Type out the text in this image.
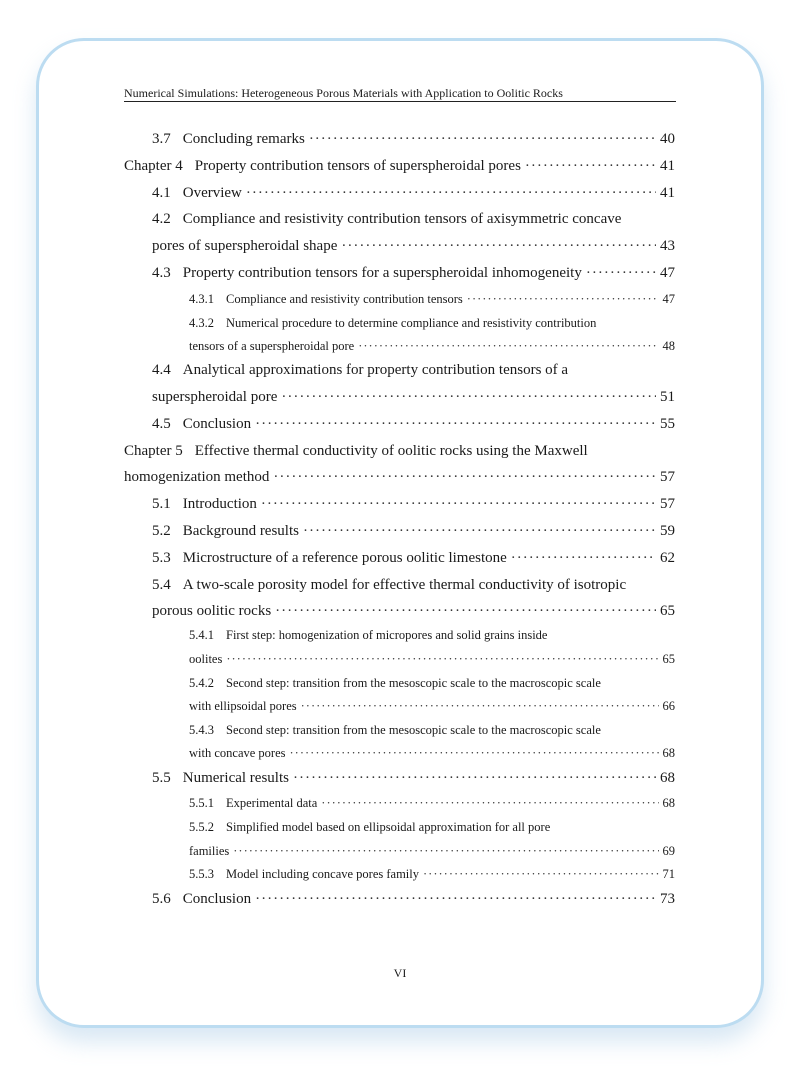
Numerical Simulations: Heterogeneous Porous Materials with Application to Oolitic Rocks
3.7 Concluding remarks ·····	40
Chapter 4 Property contribution tensors of superspheroidal pores ·····	41
4.1 Overview ·····	41
4.2 Compliance and resistivity contribution tensors of axisymmetric concave
pores of superspheroidal shape ·····	43
4.3 Property contribution tensors for a superspheroidal inhomogeneity ·····	47
4.3.1 Compliance and resistivity contribution tensors ·····	47
4.3.2 Numerical procedure to determine compliance and resistivity contribution
tensors of a superspheroidal pore ·····	48
4.4 Analytical approximations for property contribution tensors of a
superspheroidal pore ·····	51
4.5 Conclusion ·····	55
Chapter 5 Effective thermal conductivity of oolitic rocks using the Maxwell
homogenization method ·····	57
5.1 Introduction ·····	57
5.2 Background results ·····	59
5.3 Microstructure of a reference porous oolitic limestone ·····	62
5.4 A two-scale porosity model for effective thermal conductivity of isotropic
porous oolitic rocks ·····	65
5.4.1 First step: homogenization of micropores and solid grains inside
oolites ·····	65
5.4.2 Second step: transition from the mesoscopic scale to the macroscopic scale
with ellipsoidal pores ·····	66
5.4.3 Second step: transition from the mesoscopic scale to the macroscopic scale
with concave pores ·····	68
5.5 Numerical results ·····	68
5.5.1 Experimental data ·····	68
5.5.2 Simplified model based on ellipsoidal approximation for all pore
families ·····	69
5.5.3 Model including concave pores family ·····	71
5.6 Conclusion ·····	73
VI
